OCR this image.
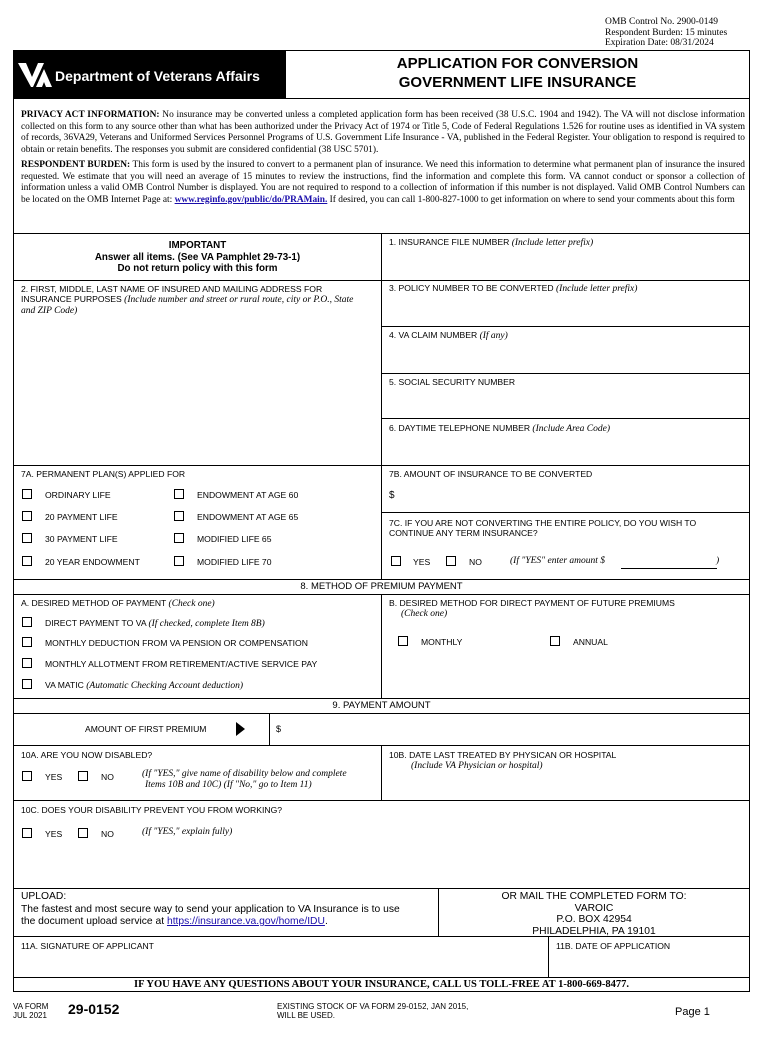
OMB Control No. 2900-0149
Respondent Burden: 15 minutes
Expiration Date: 08/31/2024
Department of Veterans Affairs
APPLICATION FOR CONVERSION
GOVERNMENT LIFE INSURANCE
PRIVACY ACT INFORMATION: No insurance may be converted unless a completed application form has been received (38 U.S.C. 1904 and 1942). The VA will not disclose information collected on this form to any source other than what has been authorized under the Privacy Act of 1974 or Title 5, Code of Federal Regulations 1.526 for routine uses as identified in VA system of records, 36VA29, Veterans and Uniformed Services Personnel Programs of U.S. Government Life Insurance - VA, published in the Federal Register. Your obligation to respond is required to obtain or retain benefits. The responses you submit are considered confidential (38 USC 5701).
RESPONDENT BURDEN: This form is used by the insured to convert to a permanent plan of insurance. We need this information to determine what permanent plan of insurance the insured requested. We estimate that you will need an average of 15 minutes to review the instructions, find the information and complete this form. VA cannot conduct or sponsor a collection of information unless a valid OMB Control Number is displayed. You are not required to respond to a collection of information if this number is not displayed. Valid OMB Control Numbers can be located on the OMB Internet Page at: www.reginfo.gov/public/do/PRAMain. If desired, you can call 1-800-827-1000 to get information on where to send your comments about this form
IMPORTANT
Answer all items. (See VA Pamphlet 29-73-1)
Do not return policy with this form
1. INSURANCE FILE NUMBER (Include letter prefix)
2. FIRST, MIDDLE, LAST NAME OF INSURED AND MAILING ADDRESS FOR INSURANCE PURPOSES (Include number and street or rural route, city or P.O., State and ZIP Code)
3. POLICY NUMBER TO BE CONVERTED (Include letter prefix)
4. VA CLAIM NUMBER (If any)
5. SOCIAL SECURITY NUMBER
6. DAYTIME TELEPHONE NUMBER (Include Area Code)
7A. PERMANENT PLAN(S) APPLIED FOR
ORDINARY LIFE	ENDOWMENT AT AGE 60
20 PAYMENT LIFE	ENDOWMENT AT AGE 65
30 PAYMENT LIFE	MODIFIED LIFE 65
20 YEAR ENDOWMENT	MODIFIED LIFE 70
7B. AMOUNT OF INSURANCE TO BE CONVERTED
$
7C. IF YOU ARE NOT CONVERTING THE ENTIRE POLICY, DO YOU WISH TO CONTINUE ANY TERM INSURANCE?
YES	NO	(If "YES" enter amount $	)
8. METHOD OF PREMIUM PAYMENT
A. DESIRED METHOD OF PAYMENT (Check one)
DIRECT PAYMENT TO VA (If checked, complete Item 8B)
MONTHLY DEDUCTION FROM VA PENSION OR COMPENSATION
MONTHLY ALLOTMENT FROM RETIREMENT/ACTIVE SERVICE PAY
VA MATIC (Automatic Checking Account deduction)
B. DESIRED METHOD FOR DIRECT PAYMENT OF FUTURE PREMIUMS
(Check one)
MONTHLY	ANNUAL
9. PAYMENT AMOUNT
AMOUNT OF FIRST PREMIUM	$
10A. ARE YOU NOW DISABLED?
YES	NO	(If "YES," give name of disability below and complete
Items 10B and 10C) (If "No," go to Item 11)
10B. DATE LAST TREATED BY PHYSICAN OR HOSPITAL
(Include VA Physician or hospital)
10C. DOES YOUR DISABILITY PREVENT YOU FROM WORKING?
YES	NO	(If "YES," explain fully)
UPLOAD:
The fastest and most secure way to send your application to VA Insurance is to use
the document upload service at https://insurance.va.gov/home/IDU.
OR MAIL THE COMPLETED FORM TO:
VAROIC
P.O. BOX 42954
PHILADELPHIA, PA 19101
11A. SIGNATURE OF APPLICANT	11B. DATE OF APPLICATION
IF YOU HAVE ANY QUESTIONS ABOUT YOUR INSURANCE, CALL US TOLL-FREE AT 1-800-669-8477.
VA FORM
JUL 2021 29-0152	EXISTING STOCK OF VA FORM 29-0152, JAN 2015,
WILL BE USED.	Page 1
